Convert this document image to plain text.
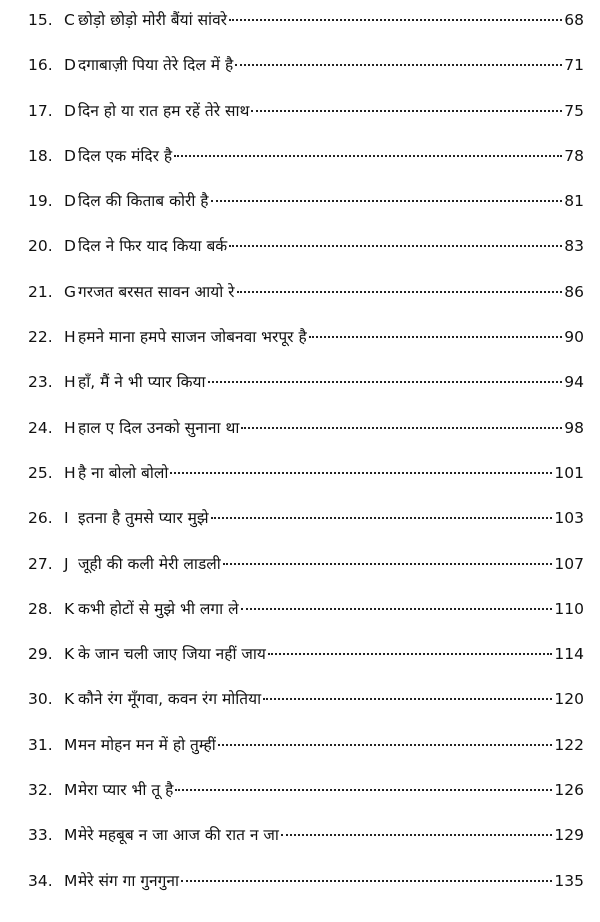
15. C छोड़ो छोड़ो मोरी बैंयां सांवरे	68
16. D दगाबाज़ी पिया तेरे दिल में है	71
17. D दिन हो या रात हम रहें तेरे साथ	75
18. D दिल एक मंदिर है	78
19. D दिल की किताब कोरी है	81
20. D दिल ने फिर याद किया बर्क	83
21. G गरजत बरसत सावन आयो रे	86
22. H हमने माना हमपे साजन जोबनवा भरपूर है	90
23. H हाँ, मैं ने भी प्यार किया	94
24. H हाल ए दिल उनको सुनाना था	98
25. H है ना बोलो बोलो	101
26. I इतना है तुमसे प्यार मुझे	103
27. J जूही की कली मेरी लाडली	107
28. K कभी होटों से मुझे भी लगा ले	110
29. K के जान चली जाए जिया नहीं जाय	114
30. K कौने रंग मूँगवा, कवन रंग मोतिया	120
31. M मन मोहन मन में हो तुम्हीं	122
32. M मेरा प्यार भी तू है	126
33. M मेरे महबूब न जा आज की रात न जा	129
34. M मेरे संग गा गुनगुना	135
